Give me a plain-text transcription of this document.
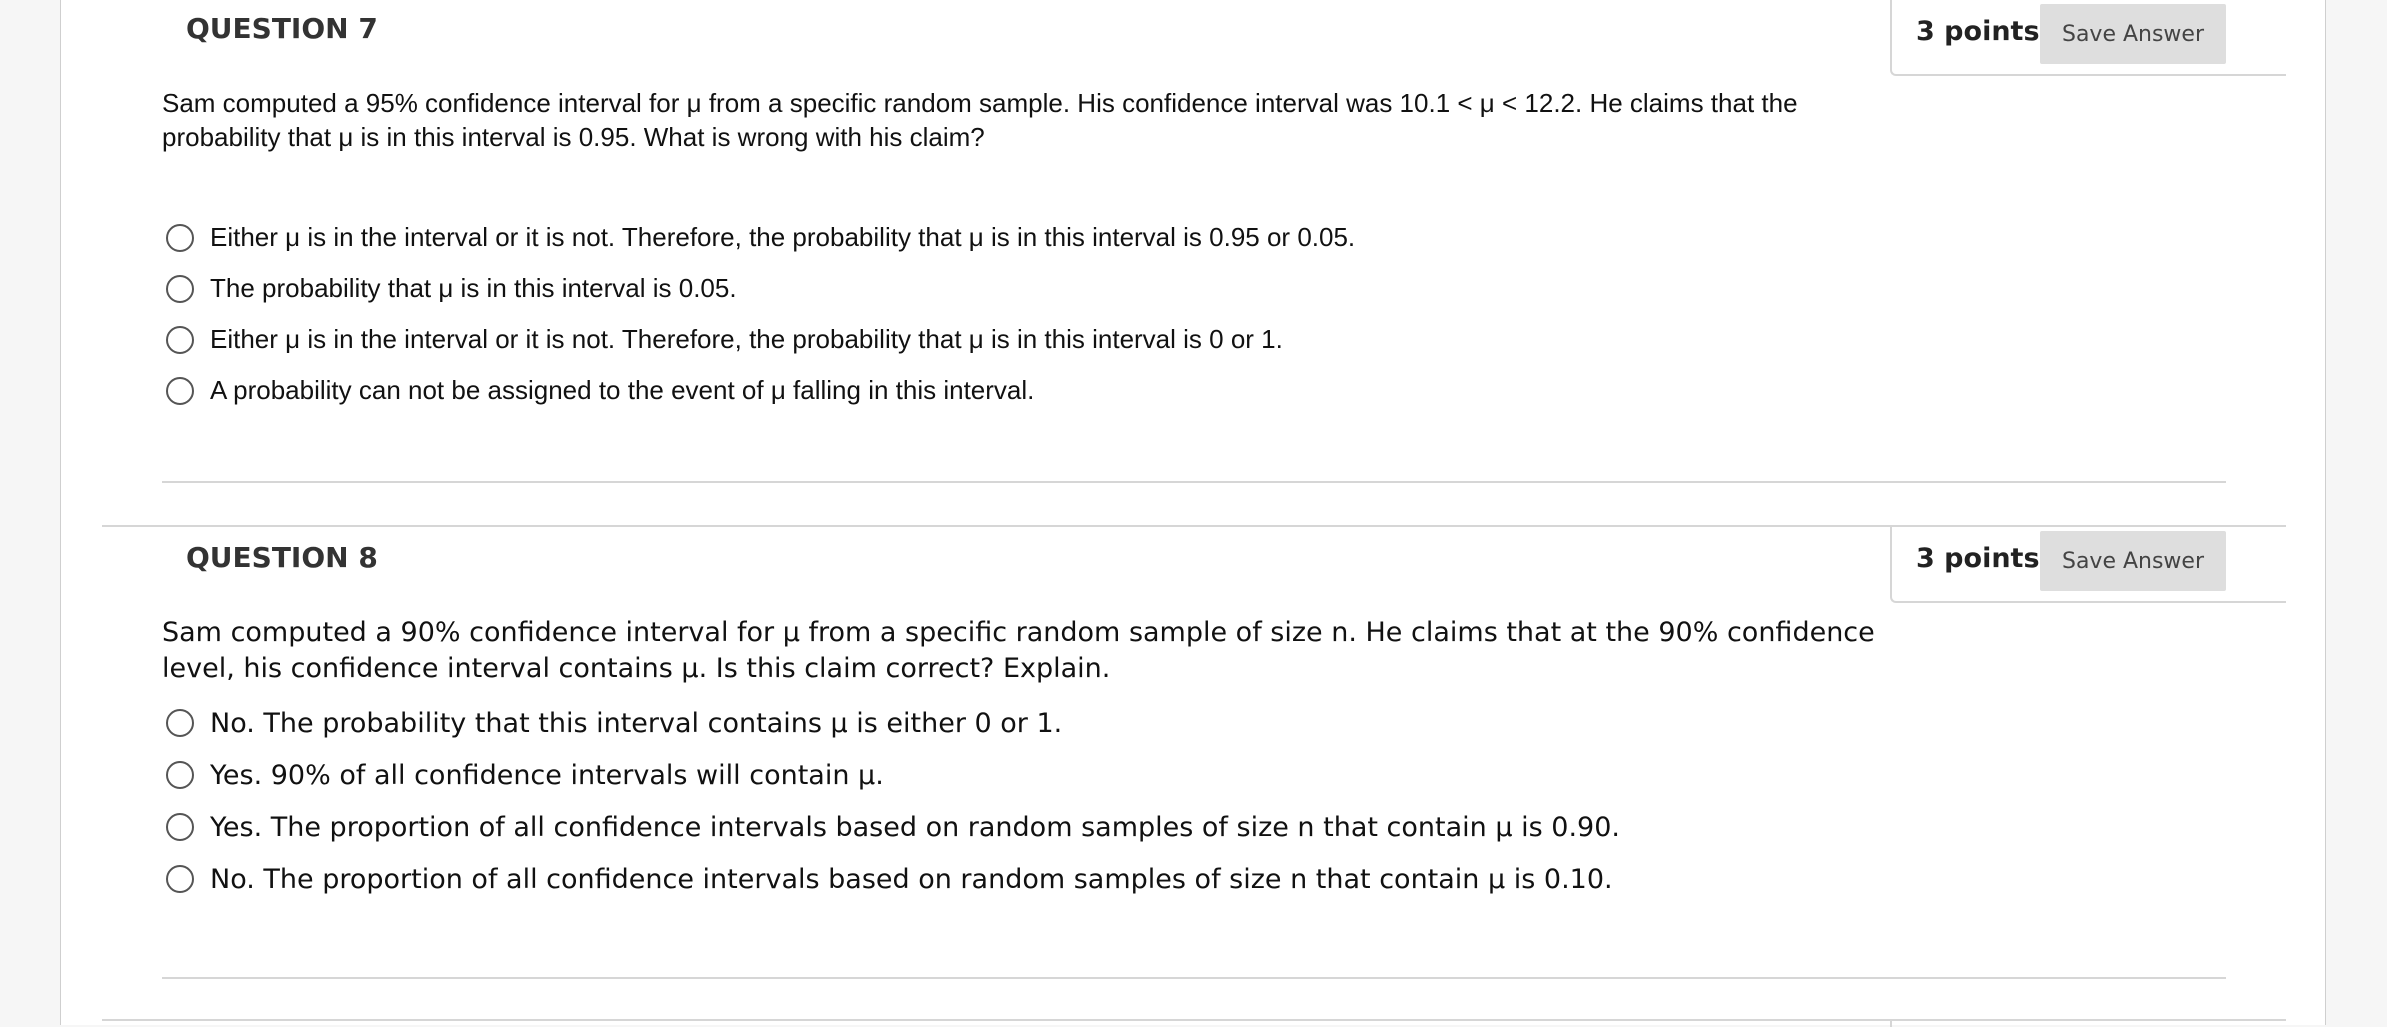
QUESTION 7	3 points	Save Answer
Sam computed a 95% confidence interval for μ from a specific random sample. His confidence interval was 10.1 < μ < 12.2. He claims that the probability that μ is in this interval is 0.95. What is wrong with his claim?
Either μ is in the interval or it is not. Therefore, the probability that μ is in this interval is 0.95 or 0.05.
The probability that μ is in this interval is 0.05.
Either μ is in the interval or it is not. Therefore, the probability that μ is in this interval is 0 or 1.
A probability can not be assigned to the event of μ falling in this interval.
QUESTION 8	3 points	Save Answer
Sam computed a 90% confidence interval for μ from a specific random sample of size n. He claims that at the 90% confidence level, his confidence interval contains μ. Is this claim correct? Explain.
No. The probability that this interval contains μ is either 0 or 1.
Yes. 90% of all confidence intervals will contain μ.
Yes. The proportion of all confidence intervals based on random samples of size n that contain μ is 0.90.
No. The proportion of all confidence intervals based on random samples of size n that contain μ is 0.10.
